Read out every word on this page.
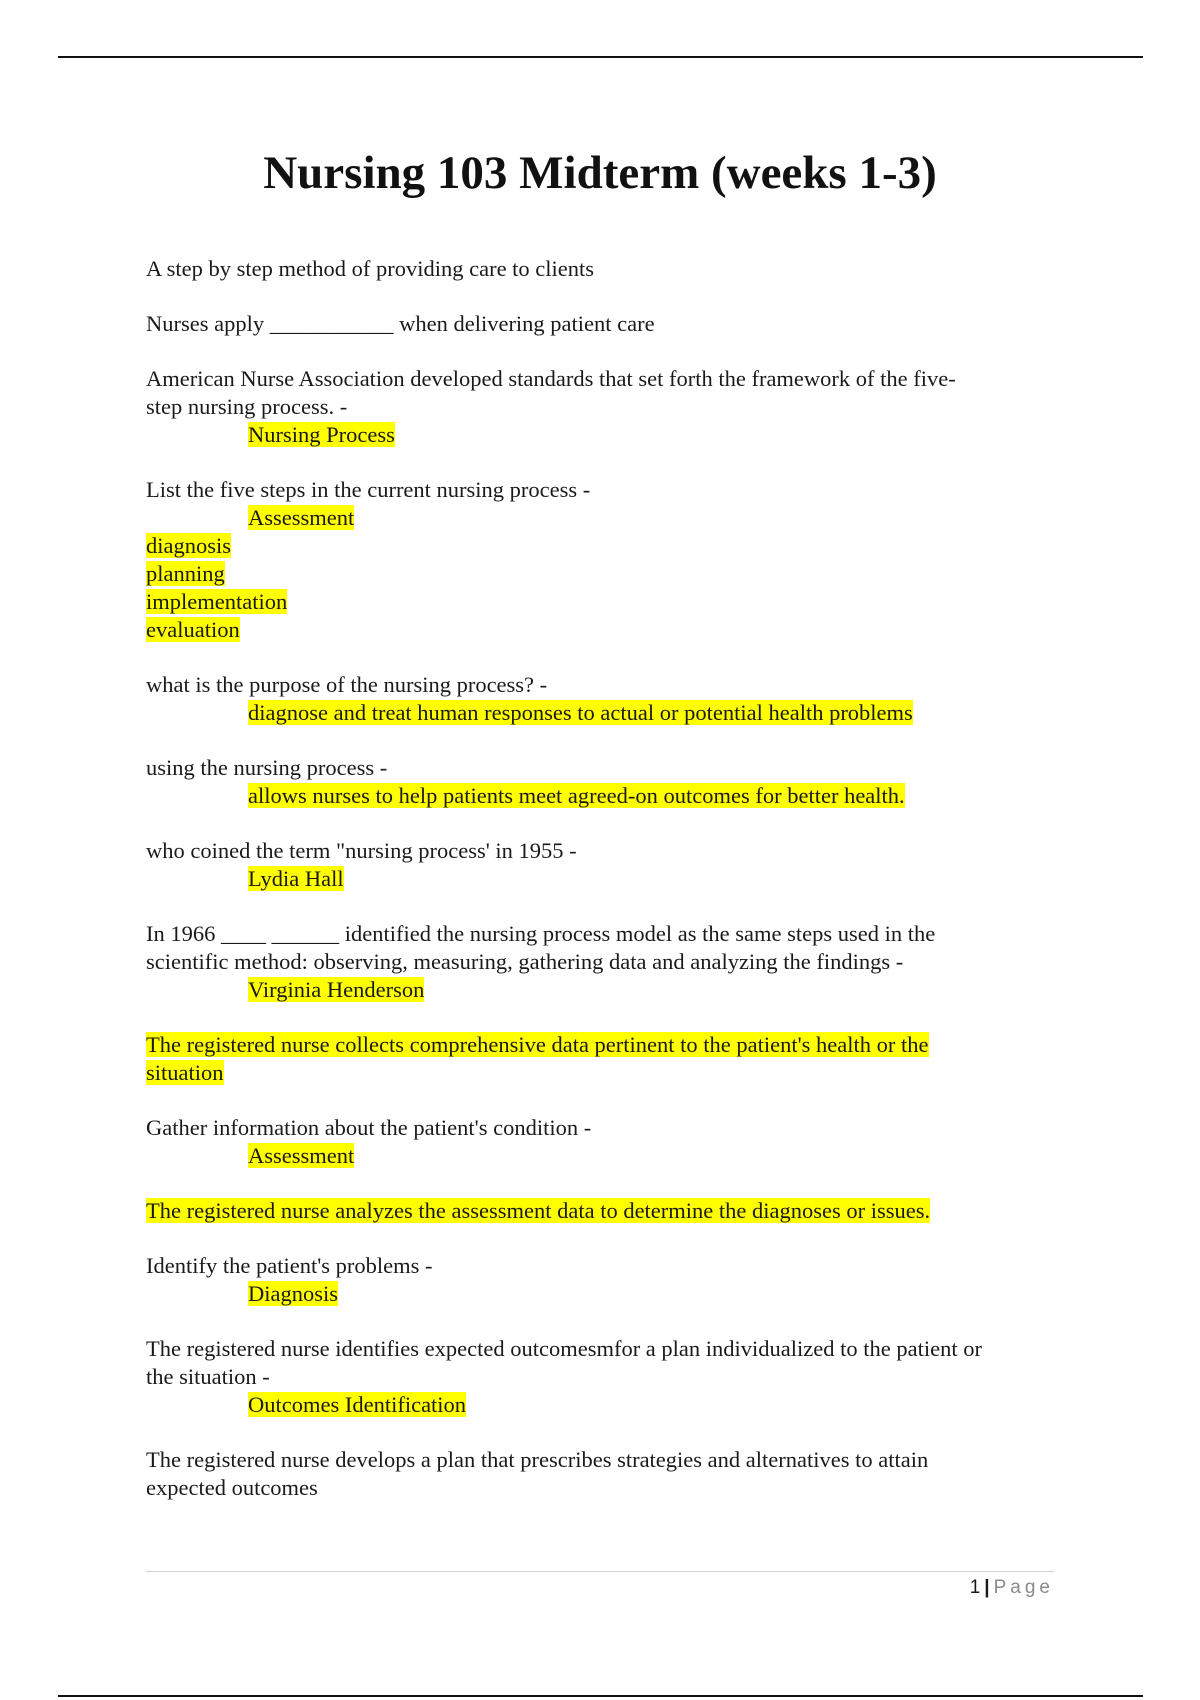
Nursing 103 Midterm (weeks 1-3)
A step by step method of providing care to clients
Nurses apply ___________ when delivering patient care
American Nurse Association developed standards that set forth the framework of the five-
step nursing process. -
Nursing Process
List the five steps in the current nursing process -
Assessment
diagnosis
planning
implementation
evaluation
what is the purpose of the nursing process? -
diagnose and treat human responses to actual or potential health problems
using the nursing process -
allows nurses to help patients meet agreed-on outcomes for better health.
who coined the term "nursing process' in 1955 -
Lydia Hall
In 1966 ____ ______ identified the nursing process model as the same steps used in the
scientific method: observing, measuring, gathering data and analyzing the findings -
Virginia Henderson
The registered nurse collects comprehensive data pertinent to the patient's health or the
situation
Gather information about the patient's condition -
Assessment
The registered nurse analyzes the assessment data to determine the diagnoses or issues.
Identify the patient's problems -
Diagnosis
The registered nurse identifies expected outcomesmfor a plan individualized to the patient or
the situation -
Outcomes Identification
The registered nurse develops a plan that prescribes strategies and alternatives to attain
expected outcomes
1 | Page
